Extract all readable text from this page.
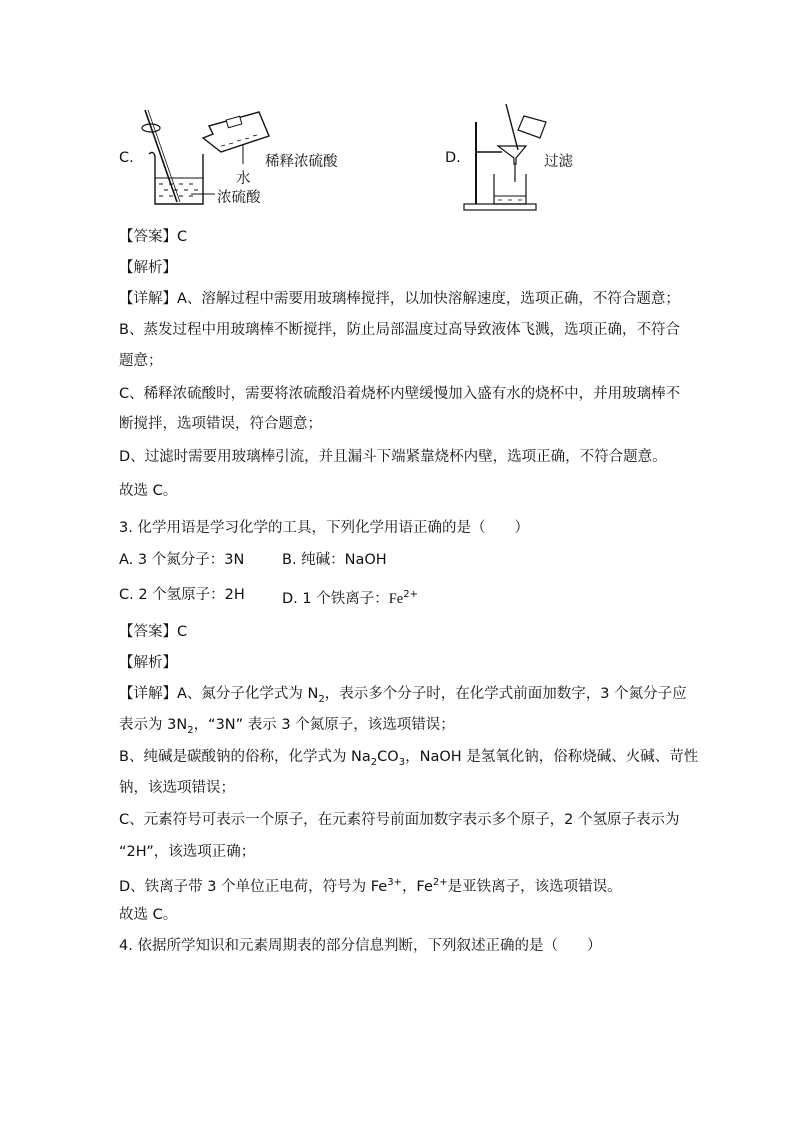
C.	稀释浓硫酸
水
浓硫酸
D.	过滤
【答案】C
【解析】
【详解】A、溶解过程中需要用玻璃棒搅拌，以加快溶解速度，选项正确，不符合题意；
B、蒸发过程中用玻璃棒不断搅拌，防止局部温度过高导致液体飞溅，选项正确，不符合
题意；
C、稀释浓硫酸时，需要将浓硫酸沿着烧杯内壁缓慢加入盛有水的烧杯中，并用玻璃棒不
断搅拌，选项错误，符合题意；
D、过滤时需要用玻璃棒引流，并且漏斗下端紧靠烧杯内壁，选项正确，不符合题意。
故选 C。
3. 化学用语是学习化学的工具，下列化学用语正确的是（　　）
A. 3 个氮分子：3N	B. 纯碱：NaOH
C. 2 个氢原子：2H	D. 1 个铁离子：$Fe^{2+}$
【答案】C
【解析】
【详解】A、氮分子化学式为 $N_2$，表示多个分子时，在化学式前面加数字，3 个氮分子应
表示为 $3N_2$，“3N” 表示 3 个氮原子，该选项错误；
B、纯碱是碳酸钠的俗称，化学式为 $Na_2CO_3$，NaOH 是氢氧化钠，俗称烧碱、火碱、苛性
钠，该选项错误；
C、元素符号可表示一个原子，在元素符号前面加数字表示多个原子，2 个氢原子表示为
“2H”，该选项正确；
D、铁离子带 3 个单位正电荷，符号为 $Fe^{3+}$，$Fe^{2+}$是亚铁离子，该选项错误。
故选 C。
4. 依据所学知识和元素周期表的部分信息判断，下列叙述正确的是（　　）
